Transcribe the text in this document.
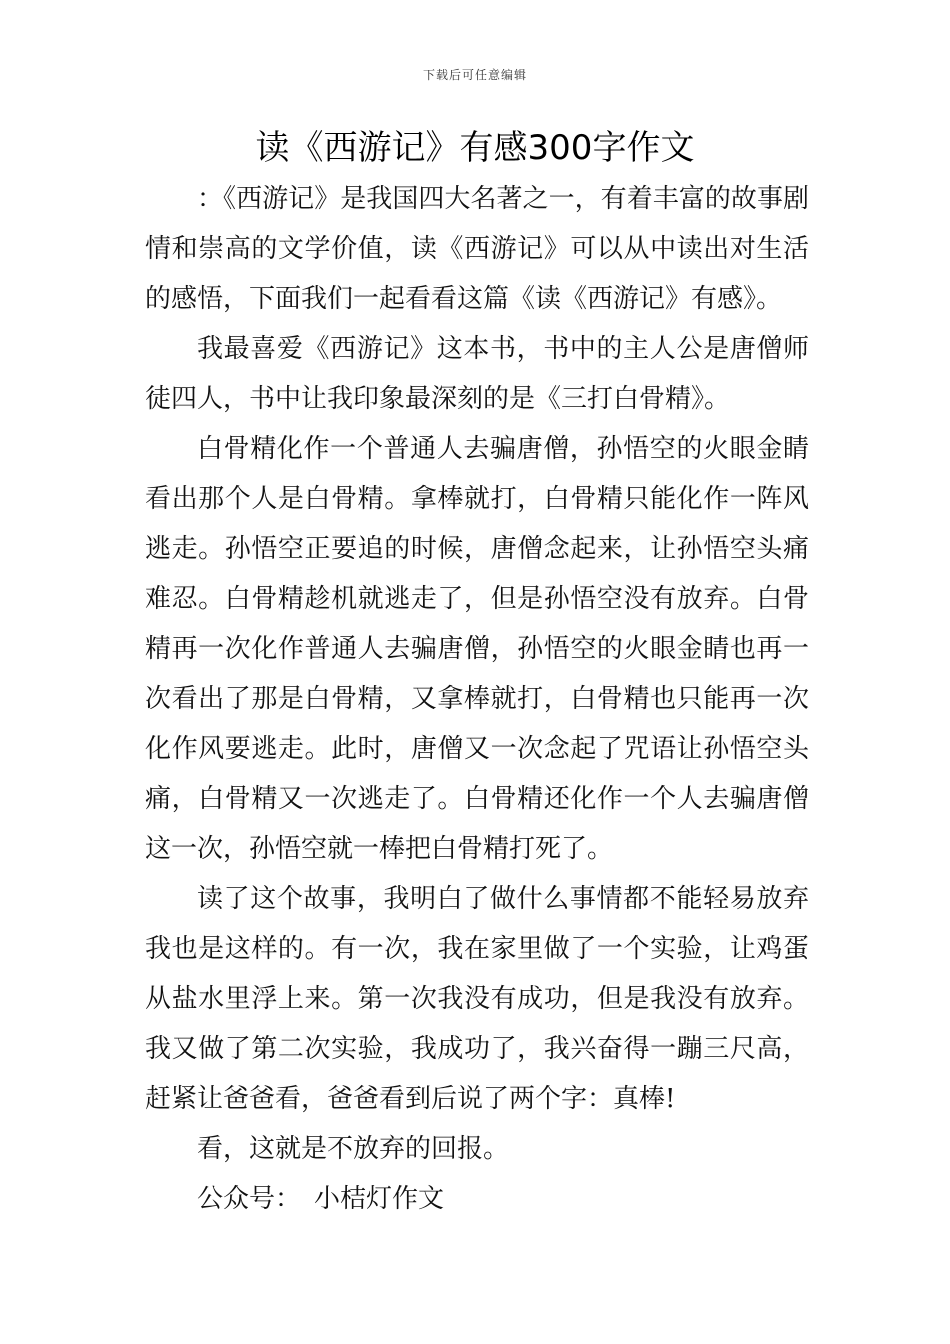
下载后可任意编辑
读《西游记》有感300字作文

：《西游记》是我国四大名著之一，有着丰富的故事剧情和崇高的文学价值，读《西游记》可以从中读出对生活的感悟，下面我们一起看看这篇《读《西游记》有感》。

我最喜爱《西游记》这本书，书中的主人公是唐僧师徒四人，书中让我印象最深刻的是《三打白骨精》。

白骨精化作一个普通人去骗唐僧，孙悟空的火眼金睛看出那个人是白骨精。拿棒就打，白骨精只能化作一阵风逃走。孙悟空正要追的时候，唐僧念起来，让孙悟空头痛难忍。白骨精趁机就逃走了，但是孙悟空没有放弃。白骨精再一次化作普通人去骗唐僧，孙悟空的火眼金睛也再一次看出了那是白骨精，又拿棒就打，白骨精也只能再一次化作风要逃走。此时，唐僧又一次念起了咒语让孙悟空头痛，白骨精又一次逃走了。白骨精还化作一个人去骗唐僧这一次，孙悟空就一棒把白骨精打死了。

读了这个故事，我明白了做什么事情都不能轻易放弃我也是这样的。有一次，我在家里做了一个实验，让鸡蛋从盐水里浮上来。第一次我没有成功，但是我没有放弃。我又做了第二次实验，我成功了，我兴奋得一蹦三尺高，赶紧让爸爸看，爸爸看到后说了两个字：真棒!

看，这就是不放弃的回报。

公众号：　小桔灯作文
